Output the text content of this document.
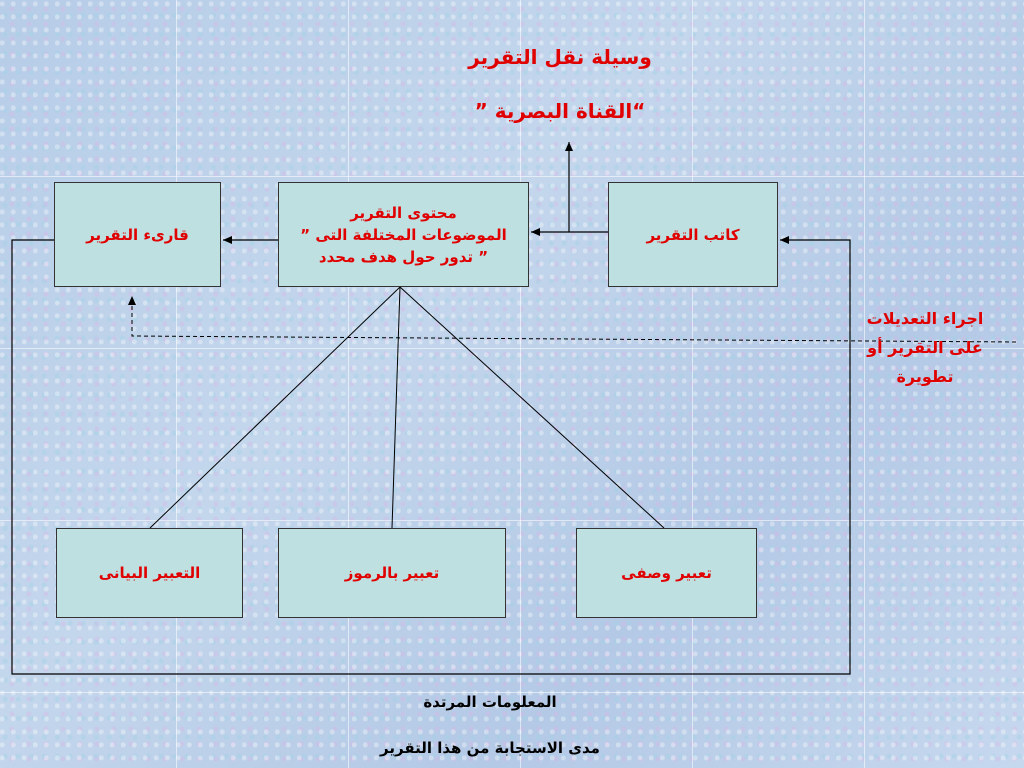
وسيلة نقل التقرير
“القناة البصرية ”
قارىء التقرير
محتوى التقرير
الموضوعات المختلفة التى ”
” تدور حول هدف محدد
كاتب التقرير
اجراء التعديلات
على التقرير أو
تطويرة
التعبير البيانى	تعبير بالرموز	تعبير وصفى
المعلومات المرتدة
مدى الاستجابة من هذا التقرير
